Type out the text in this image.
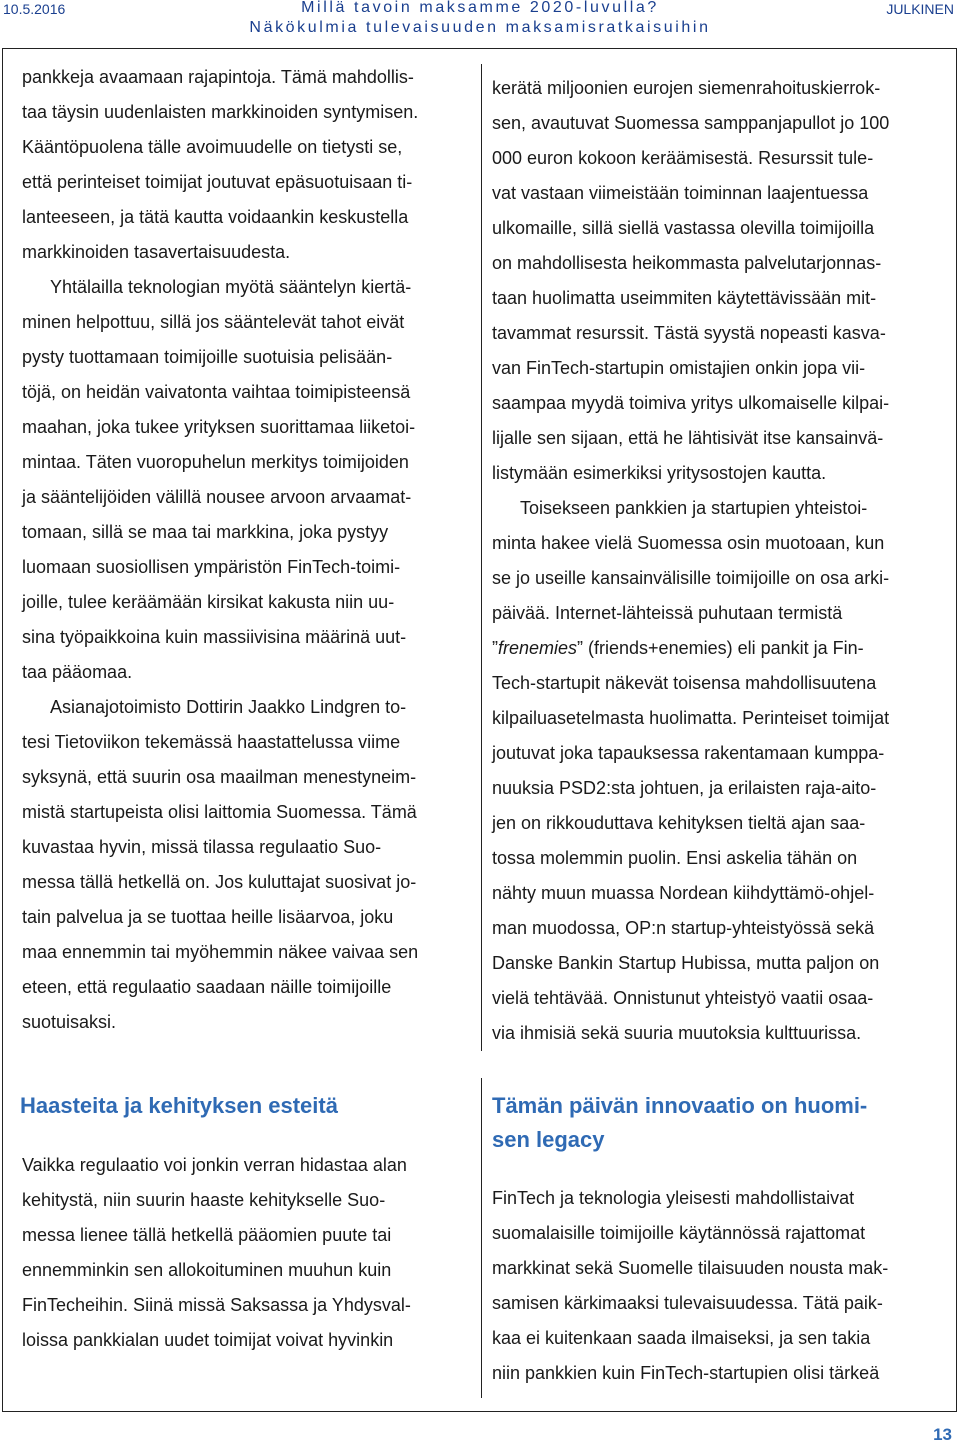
10.5.2016	Millä tavoin maksamme 2020-luvulla?
Näkökulmia tulevaisuuden maksamisratkaisuihin
JULKINEN
pankkeja avaamaan rajapintoja. Tämä mahdollis-
taa täysin uudenlaisten markkinoiden syntymisen.
Kääntöpuolena tälle avoimuudelle on tietysti se,
että perinteiset toimijat joutuvat epäsuotuisaan ti-
lanteeseen, ja tätä kautta voidaankin keskustella
markkinoiden tasavertaisuudesta.
Yhtälailla teknologian myötä sääntelyn kiertä-
minen helpottuu, sillä jos sääntelevät tahot eivät
pysty tuottamaan toimijoille suotuisia pelisään-
töjä, on heidän vaivatonta vaihtaa toimipisteensä
maahan, joka tukee yrityksen suorittamaa liiketoi-
mintaa. Täten vuoropuhelun merkitys toimijoiden
ja sääntelijöiden välillä nousee arvoon arvaamat-
tomaan, sillä se maa tai markkina, joka pystyy
luomaan suosiollisen ympäristön FinTech-toimi-
joille, tulee keräämään kirsikat kakusta niin uu-
sina työpaikkoina kuin massiivisina määrinä uut-
taa pääomaa.
Asianajotoimisto Dottirin Jaakko Lindgren to-
tesi Tietoviikon tekemässä haastattelussa viime
syksynä, että suurin osa maailman menestyneim-
mistä startupeista olisi laittomia Suomessa. Tämä
kuvastaa hyvin, missä tilassa regulaatio Suo-
messa tällä hetkellä on. Jos kuluttajat suosivat jo-
tain palvelua ja se tuottaa heille lisäarvoa, joku
maa ennemmin tai myöhemmin näkee vaivaa sen
eteen, että regulaatio saadaan näille toimijoille
suotuisaksi.
kerätä miljoonien eurojen siemenrahoituskierrok-
sen, avautuvat Suomessa samppanjapullot jo 100
000 euron kokoon keräämisestä. Resurssit tule-
vat vastaan viimeistään toiminnan laajentuessa
ulkomaille, sillä siellä vastassa olevilla toimijoilla
on mahdollisesta heikommasta palvelutarjonnas-
taan huolimatta useimmiten käytettävissään mit-
tavammat resurssit. Tästä syystä nopeasti kasva-
van FinTech-startupin omistajien onkin jopa vii-
saampaa myydä toimiva yritys ulkomaiselle kilpai-
lijalle sen sijaan, että he lähtisivät itse kansainvä-
listymään esimerkiksi yritysostojen kautta.
Toisekseen pankkien ja startupien yhteistoi-
minta hakee vielä Suomessa osin muotoaan, kun
se jo useille kansainvälisille toimijoille on osa arki-
päivää. Internet-lähteissä puhutaan termistä
”frenemies” (friends+enemies) eli pankit ja Fin-
Tech-startupit näkevät toisensa mahdollisuutena
kilpailuasetelmasta huolimatta. Perinteiset toimijat
joutuvat joka tapauksessa rakentamaan kumppa-
nuuksia PSD2:sta johtuen, ja erilaisten raja-aito-
jen on rikkouduttava kehityksen tieltä ajan saa-
tossa molemmin puolin. Ensi askelia tähän on
nähty muun muassa Nordean kiihdyttämö-ohjel-
man muodossa, OP:n startup-yhteistyössä sekä
Danske Bankin Startup Hubissa, mutta paljon on
vielä tehtävää. Onnistunut yhteistyö vaatii osaa-
via ihmisiä sekä suuria muutoksia kulttuurissa.
Haasteita ja kehityksen esteitä
Vaikka regulaatio voi jonkin verran hidastaa alan
kehitystä, niin suurin haaste kehitykselle Suo-
messa lienee tällä hetkellä pääomien puute tai
ennemminkin sen allokoituminen muuhun kuin
FinTecheihin. Siinä missä Saksassa ja Yhdysval-
loissa pankkialan uudet toimijat voivat hyvinkin
Tämän päivän innovaatio on huomi-
sen legacy
FinTech ja teknologia yleisesti mahdollistaivat
suomalaisille toimijoille käytännössä rajattomat
markkinat sekä Suomelle tilaisuuden nousta mak-
samisen kärkimaaksi tulevaisuudessa. Tätä paik-
kaa ei kuitenkaan saada ilmaiseksi, ja sen takia
niin pankkien kuin FinTech-startupien olisi tärkeä
13
